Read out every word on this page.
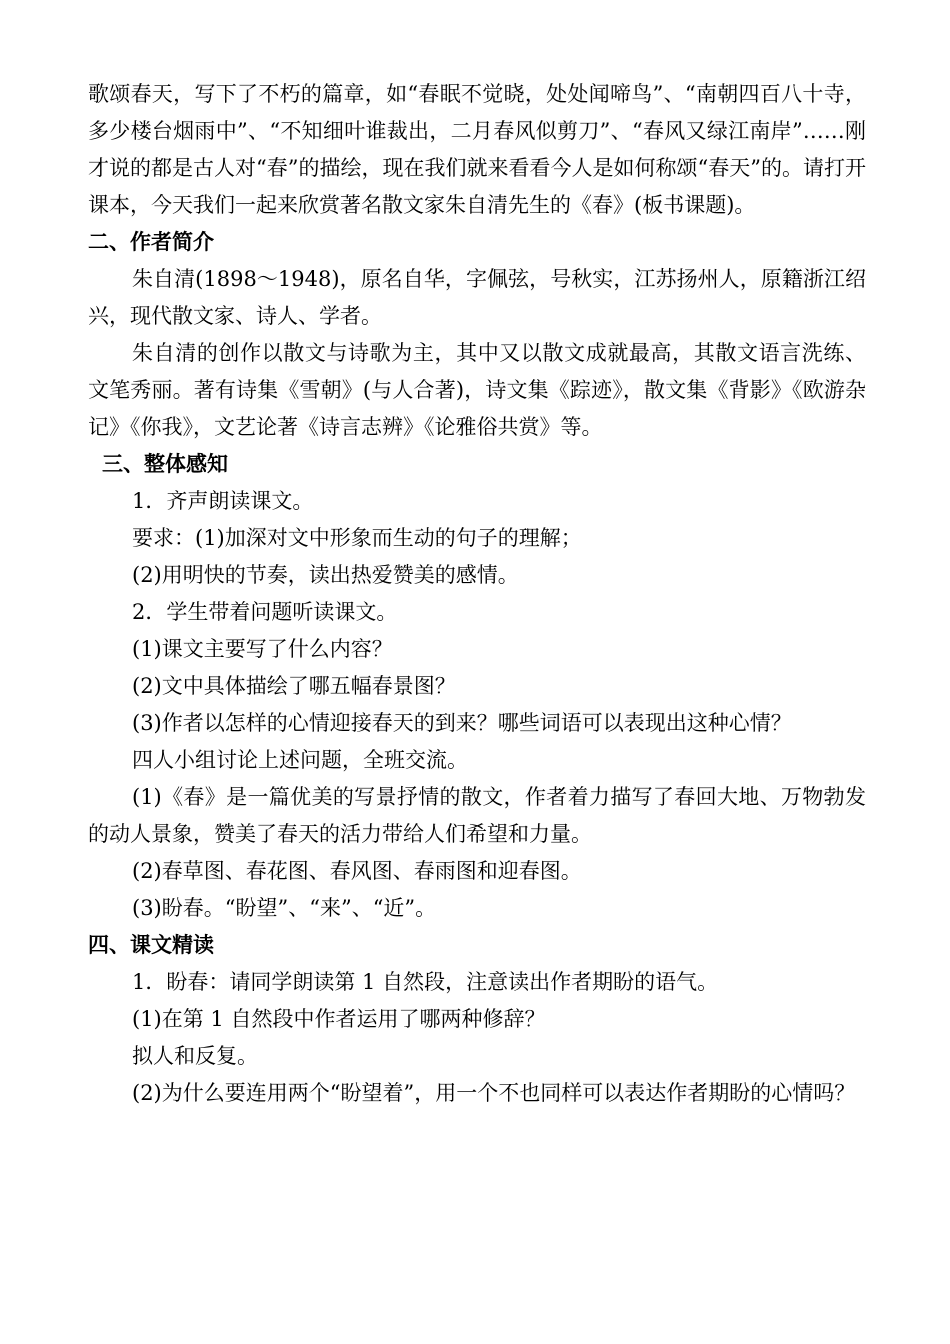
歌颂春天，写下了不朽的篇章，如“春眠不觉晓，处处闻啼鸟”、“南朝四百八十寺，多少楼台烟雨中”、“不知细叶谁裁出，二月春风似剪刀”、“春风又绿江南岸”……刚才说的都是古人对“春”的描绘，现在我们就来看看今人是如何称颂“春天”的。请打开课本，今天我们一起来欣赏著名散文家朱自清先生的《春》(板书课题)。

二、作者简介

朱自清(1898～1948)，原名自华，字佩弦，号秋实，江苏扬州人，原籍浙江绍兴，现代散文家、诗人、学者。

朱自清的创作以散文与诗歌为主，其中又以散文成就最高，其散文语言洗练、文笔秀丽。著有诗集《雪朝》(与人合著)，诗文集《踪迹》，散文集《背影》《欧游杂记》《你我》，文艺论著《诗言志辨》《论雅俗共赏》等。

三、整体感知

1．齐声朗读课文。

要求：(1)加深对文中形象而生动的句子的理解；

(2)用明快的节奏，读出热爱赞美的感情。

2．学生带着问题听读课文。

(1)课文主要写了什么内容？

(2)文中具体描绘了哪五幅春景图？

(3)作者以怎样的心情迎接春天的到来？哪些词语可以表现出这种心情？

四人小组讨论上述问题，全班交流。

(1)《春》是一篇优美的写景抒情的散文，作者着力描写了春回大地、万物勃发的动人景象，赞美了春天的活力带给人们希望和力量。

(2)春草图、春花图、春风图、春雨图和迎春图。

(3)盼春。“盼望”、“来”、“近”。

四、课文精读

1．盼春：请同学朗读第 1 自然段，注意读出作者期盼的语气。

(1)在第 1 自然段中作者运用了哪两种修辞？

拟人和反复。

(2)为什么要连用两个“盼望着”，用一个不也同样可以表达作者期盼的心情吗？
